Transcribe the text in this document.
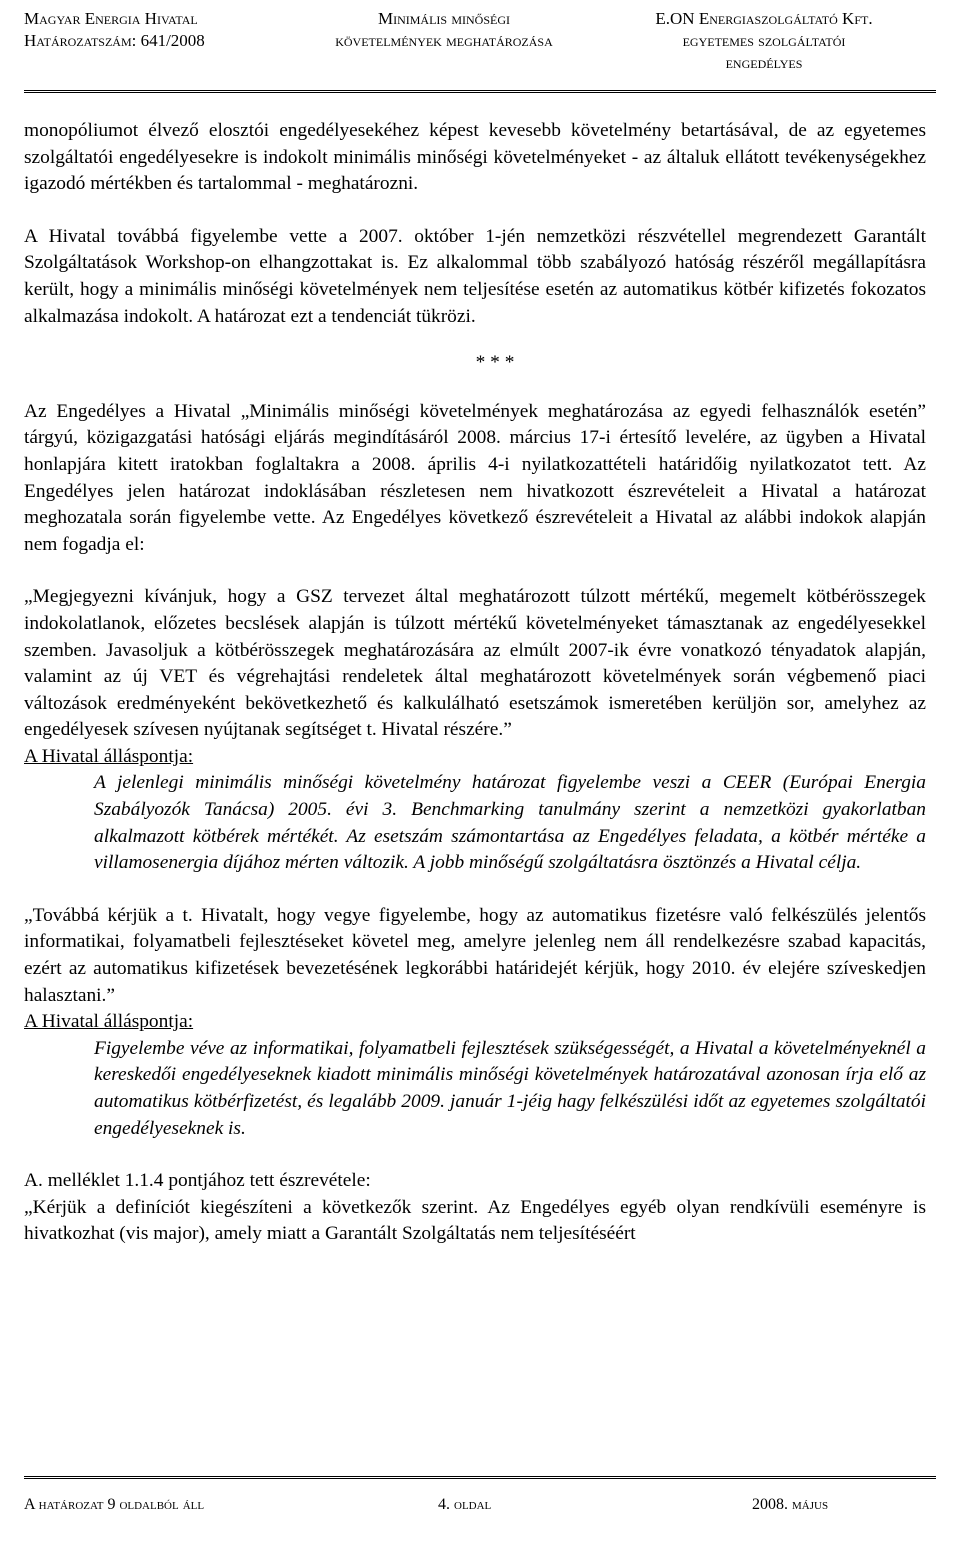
Magyar Energia Hivatal
Határozatszám: 641/2008
Minimális minőségi
követelmények meghatározása
E.ON Energiaszolgáltató Kft.
egyetemes szolgáltatói
engedélyes

monopóliumot élvező elosztói engedélyesekéhez képest kevesebb követelmény betartásával, de az egyetemes szolgáltatói engedélyesekre is indokolt minimális minőségi követelményeket - az általuk ellátott tevékenységekhez igazodó mértékben és tartalommal - meghatározni.

A Hivatal továbbá figyelembe vette a 2007. október 1-jén nemzetközi részvétellel megrendezett Garantált Szolgáltatások Workshop-on elhangzottakat is. Ez alkalommal több szabályozó hatóság részéről megállapításra került, hogy a minimális minőségi követelmények nem teljesítése esetén az automatikus kötbér kifizetés fokozatos alkalmazása indokolt. A határozat ezt a tendenciát tükrözi.

* * *

Az Engedélyes a Hivatal „Minimális minőségi követelmények meghatározása az egyedi felhasználók esetén” tárgyú, közigazgatási hatósági eljárás megindításáról 2008. március 17-i értesítő levelére, az ügyben a Hivatal honlapjára kitett iratokban foglaltakra a 2008. április 4-i nyilatkozattételi határidőig nyilatkozatot tett. Az Engedélyes jelen határozat indoklásában részletesen nem hivatkozott észrevételeit a Hivatal a határozat meghozatala során figyelembe vette. Az Engedélyes következő észrevételeit a Hivatal az alábbi indokok alapján nem fogadja el:

„Megjegyezni kívánjuk, hogy a GSZ tervezet által meghatározott túlzott mértékű, megemelt kötbérösszegek indokolatlanok, előzetes becslések alapján is túlzott mértékű követelményeket támasztanak az engedélyesekkel szemben. Javasoljuk a kötbérösszegek meghatározására az elmúlt 2007-ik évre vonatkozó tényadatok alapján, valamint az új VET és végrehajtási rendeletek által meghatározott követelmények során végbemenő piaci változások eredményeként bekövetkezhető és kalkulálható esetszámok ismeretében kerüljön sor, amelyhez az engedélyesek szívesen nyújtanak segítséget t. Hivatal részére.”

A Hivatal álláspontja:

A jelenlegi minimális minőségi követelmény határozat figyelembe veszi a CEER (Európai Energia Szabályozók Tanácsa) 2005. évi 3. Benchmarking tanulmány szerint a nemzetközi gyakorlatban alkalmazott kötbérek mértékét. Az esetszám számontartása az Engedélyes feladata, a kötbér mértéke a villamosenergia díjához mérten változik. A jobb minőségű szolgáltatásra ösztönzés a Hivatal célja.

„Továbbá kérjük a t. Hivatalt, hogy vegye figyelembe, hogy az automatikus fizetésre való felkészülés jelentős informatikai, folyamatbeli fejlesztéseket követel meg, amelyre jelenleg nem áll rendelkezésre szabad kapacitás, ezért az automatikus kifizetések bevezetésének legkorábbi határidejét kérjük, hogy 2010. év elejére szíveskedjen halasztani.”

A Hivatal álláspontja:

Figyelembe véve az informatikai, folyamatbeli fejlesztések szükségességét, a Hivatal a követelményeknél a kereskedői engedélyeseknek kiadott minimális minőségi követelmények határozatával azonosan írja elő az automatikus kötbérfizetést, és legalább 2009. január 1-jéig hagy felkészülési időt az egyetemes szolgáltatói engedélyeseknek is.

A. melléklet 1.1.4 pontjához tett észrevétele:

„Kérjük a definíciót kiegészíteni a következők szerint. Az Engedélyes egyéb olyan rendkívüli eseményre is hivatkozhat (vis major), amely miatt a Garantált Szolgáltatás nem teljesítéséért

A határozat 9 oldalból áll	4. oldal	2008. május
